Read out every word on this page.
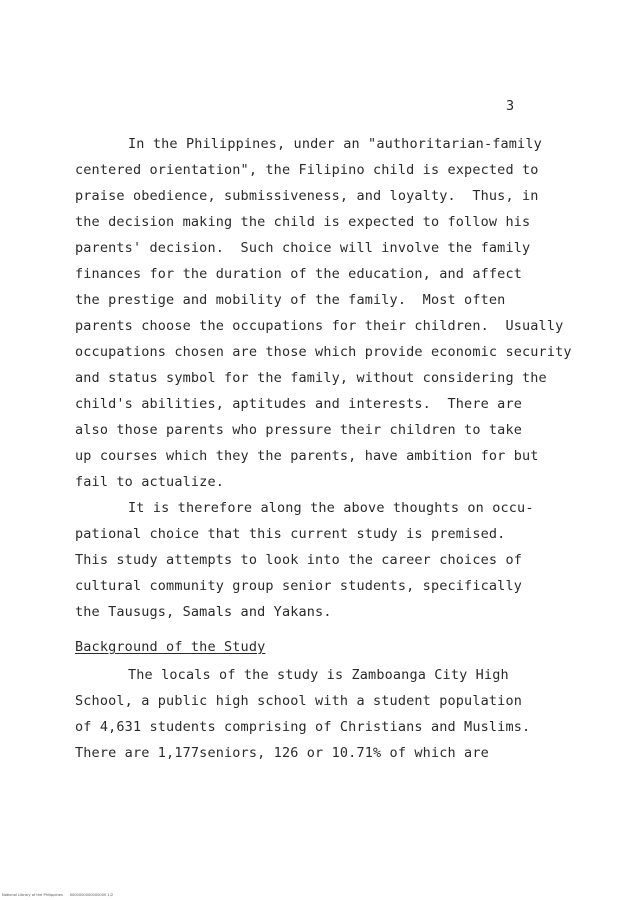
3
In the Philippines, under an "authoritarian-family
centered orientation", the Filipino child is expected to
praise obedience, submissiveness, and loyalty.  Thus, in
the decision making the child is expected to follow his
parents' decision.  Such choice will involve the family
finances for the duration of the education, and affect
the prestige and mobility of the family.  Most often
parents choose the occupations for their children.  Usually
occupations chosen are those which provide economic security
and status symbol for the family, without considering the
child's abilities, aptitudes and interests.  There are
also those parents who pressure their children to take
up courses which they the parents, have ambition for but
fail to actualize.
It is therefore along the above thoughts on occu-
pational choice that this current study is premised.
This study attempts to look into the career choices of
cultural community group senior students, specifically
the Tausugs, Samals and Yakans.
Background of the Study
The locals of the study is Zamboanga City High
School, a public high school with a student population
of 4,631 students comprising of Christians and Muslims.
There are 1,177seniors, 126 or 10.71% of which are
National Library of the Philippines      0000000000000000 1/2
